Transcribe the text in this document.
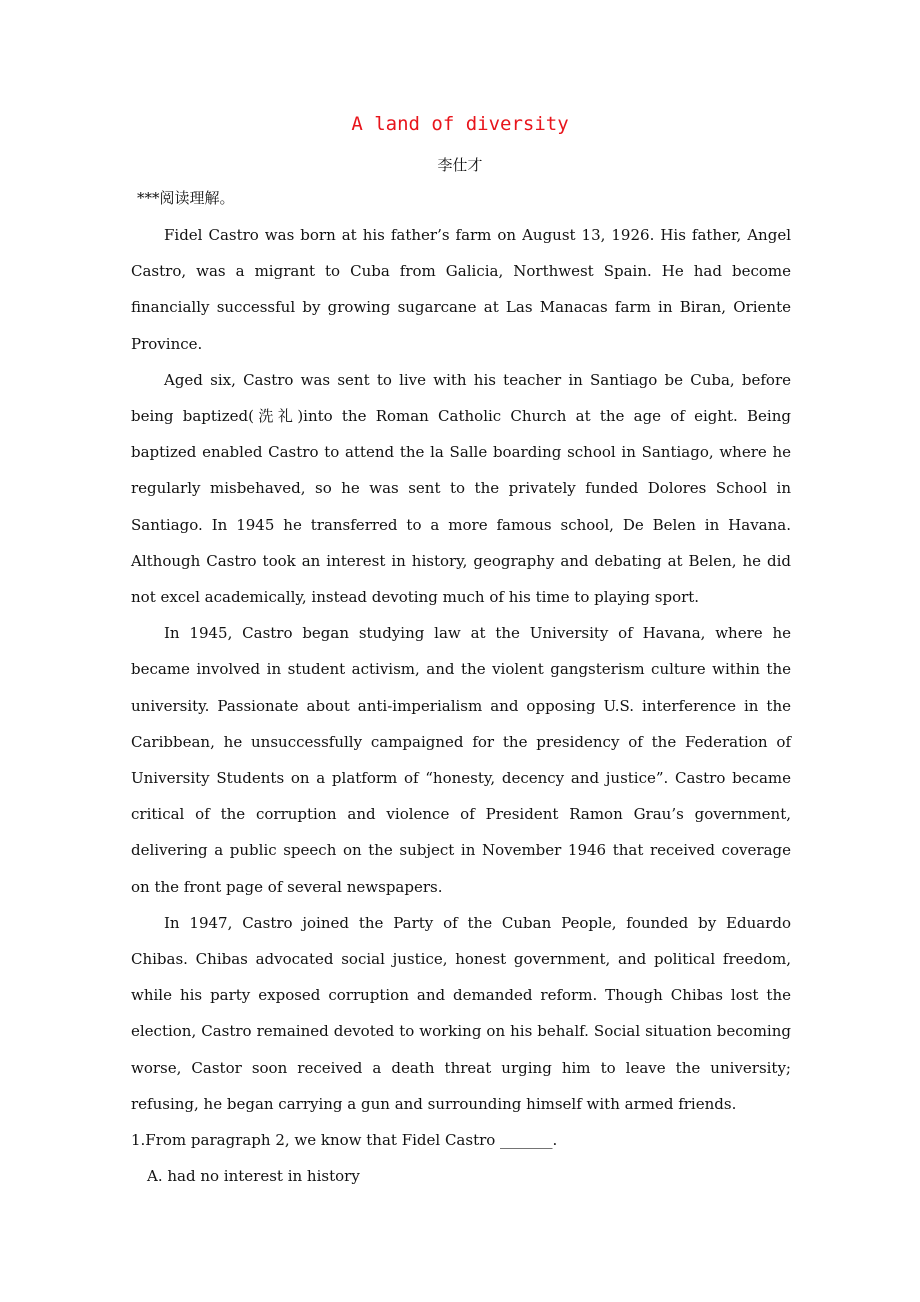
A land of diversity
李仕才
***阅读理解。

Fidel Castro was born at his father’s farm on August 13, 1926. His father, Angel Castro, was a migrant to Cuba from Galicia, Northwest Spain. He had become financially successful by growing sugarcane at Las Manacas farm in Biran, Oriente Province.

Aged six, Castro was sent to live with his teacher in Santiago be Cuba, before being baptized(洗礼)into the Roman Catholic Church at the age of eight. Being baptized enabled Castro to attend the la Salle boarding school in Santiago, where he regularly misbehaved, so he was sent to the privately funded Dolores School in Santiago. In 1945 he transferred to a more famous school, De Belen in Havana. Although Castro took an interest in history, geography and debating at Belen, he did not excel academically, instead devoting much of his time to playing sport.

In 1945, Castro began studying law at the University of Havana, where he became involved in student activism, and the violent gangsterism culture within the university. Passionate about anti-imperialism and opposing U.S. interference in the Caribbean, he unsuccessfully campaigned for the presidency of the Federation of University Students on a platform of “honesty, decency and justice”. Castro became critical of the corruption and violence of President Ramon Grau’s government, delivering a public speech on the subject in November 1946 that received coverage on the front page of several newspapers.

In 1947, Castro joined the Party of the Cuban People, founded by Eduardo Chibas. Chibas advocated social justice, honest government, and political freedom, while his party exposed corruption and demanded reform. Though Chibas lost the election, Castro remained devoted to working on his behalf. Social situation becoming worse, Castor soon received a death threat urging him to leave the university; refusing, he began carrying a gun and surrounding himself with armed friends.

1.From paragraph 2, we know that Fidel Castro _______.

A. had no interest in history
